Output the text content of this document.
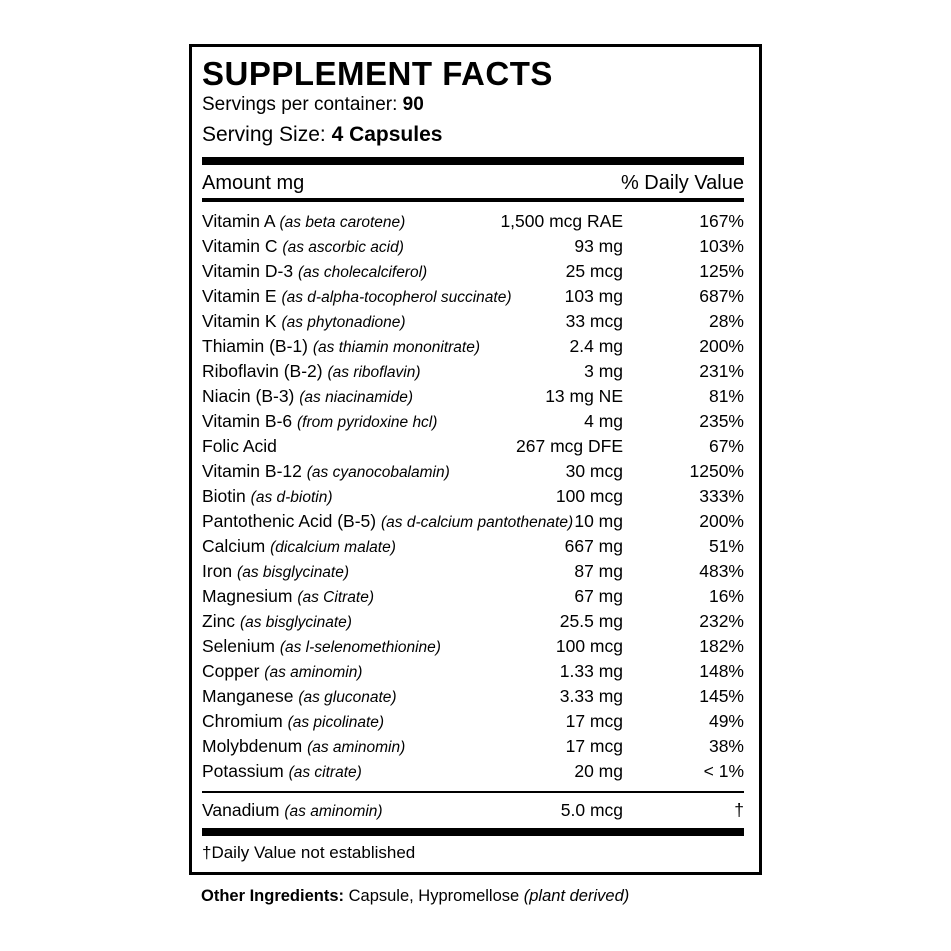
SUPPLEMENT FACTS
Servings per container: 90
Serving Size: 4 Capsules
Amount mg	% Daily Value
Vitamin A (as beta carotene)	1,500 mcg RAE	167%
Vitamin C (as ascorbic acid)	93 mg	103%
Vitamin D-3 (as cholecalciferol)	25 mcg	125%
Vitamin E (as d-alpha-tocopherol succinate)	103 mg	687%
Vitamin K (as phytonadione)	33 mcg	28%
Thiamin (B-1) (as thiamin mononitrate)	2.4 mg	200%
Riboflavin (B-2) (as riboflavin)	3 mg	231%
Niacin (B-3) (as niacinamide)	13 mg NE	81%
Vitamin B-6 (from pyridoxine hcl)	4 mg	235%
Folic Acid	267 mcg DFE	67%
Vitamin B-12 (as cyanocobalamin)	30 mcg	1250%
Biotin (as d-biotin)	100 mcg	333%
Pantothenic Acid (B-5) (as d-calcium pantothenate) 10 mg	200%
Calcium (dicalcium malate)	667 mg	51%
Iron (as bisglycinate)	87 mg	483%
Magnesium (as Citrate)	67 mg	16%
Zinc (as bisglycinate)	25.5 mg	232%
Selenium (as l-selenomethionine)	100 mcg	182%
Copper (as aminomin)	1.33 mg	148%
Manganese (as gluconate)	3.33 mg	145%
Chromium (as picolinate)	17 mcg	49%
Molybdenum (as aminomin)	17 mcg	38%
Potassium (as citrate)	20 mg	< 1%
Vanadium (as aminomin)	5.0 mcg	†
†Daily Value not established
Other Ingredients: Capsule, Hypromellose (plant derived)
